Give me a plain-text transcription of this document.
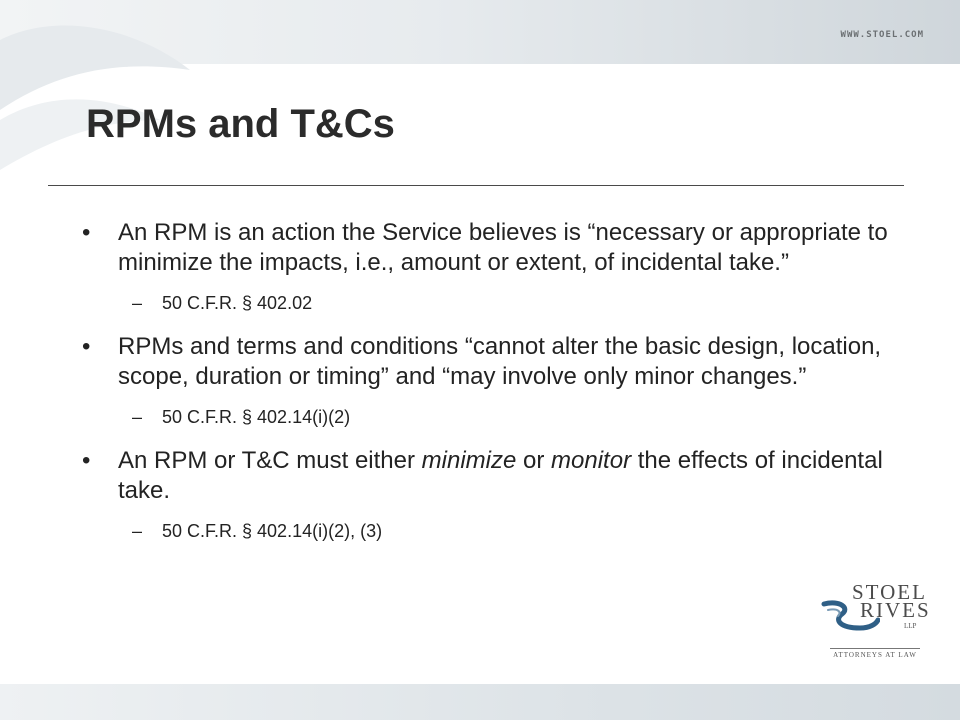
WWW.STOEL.COM
RPMs and T&Cs
• An RPM is an action the Service believes is “necessary or appropriate to minimize the impacts, i.e., amount or extent, of incidental take.”
– 50 C.F.R. § 402.02
• RPMs and terms and conditions “cannot alter the basic design, location, scope, duration or timing” and “may involve only minor changes.”
– 50 C.F.R. § 402.14(i)(2)
• An RPM or T&C must either minimize or monitor the effects of incidental take.
– 50 C.F.R. § 402.14(i)(2), (3)
STOEL
RIVES
LLP
ATTORNEYS AT LAW
